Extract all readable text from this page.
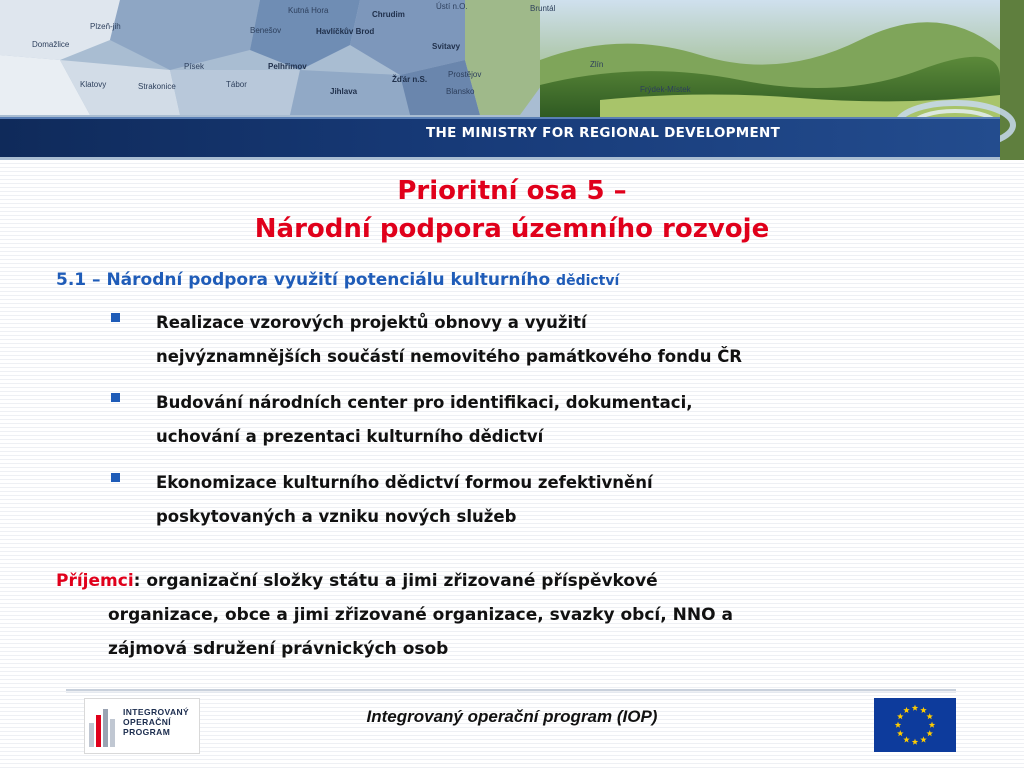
Plzeň-jih
Kutná Hora	Chrudim
Ústí n.O.	Bruntál
Benešov	Havlíčkův Brod
Svitavy
Domažlice
Písek	Pelhřimov
Žďár n.S.
Prostějov
Klatovy	Strakonice	Tábor
Jihlava	Blansko	Frýdek-Místek
Zlín
THE MINISTRY FOR REGIONAL DEVELOPMENT
Prioritní osa 5 –
Národní podpora územního rozvoje
5.1 – Národní podpora využití potenciálu kulturního dědictví
Realizace vzorových projektů obnovy a využití
nejvýznamnějších součástí nemovitého památkového fondu ČR
Budování národních center pro identifikaci, dokumentaci,
uchování a prezentaci kulturního dědictví
Ekonomizace kulturního dědictví formou zefektivnění
poskytovaných a vzniku nových služeb
Příjemci: organizační složky státu a jimi zřizované příspěvkové
organizace, obce a jimi zřizované organizace, svazky obcí, NNO a
zájmová sdružení právnických osob
INTEGROVANÝ
OPERAČNÍ
PROGRAM
Integrovaný operační program (IOP)
